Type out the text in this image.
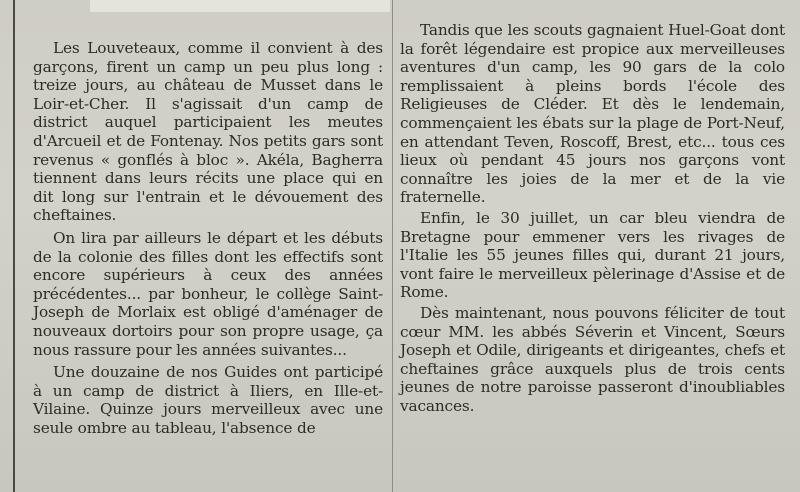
Les Louveteaux, comme il convient à des garçons, firent un camp un peu plus long : treize jours, au château de Musset dans le Loir-et-Cher. Il s'agissait d'un camp de district auquel participaient les meutes d'Arcueil et de Fontenay. Nos petits gars sont revenus « gonflés à bloc ». Akéla, Bagherra tiennent dans leurs récits une place qui en dit long sur l'entrain et le dévouement des cheftaines.

On lira par ailleurs le départ et les débuts de la colonie des filles dont les effectifs sont encore supérieurs à ceux des années précédentes... par bonheur, le collège Saint-Joseph de Morlaix est obligé d'aménager de nouveaux dortoirs pour son propre usage, ça nous rassure pour les années suivantes...

Une douzaine de nos Guides ont participé à un camp de district à Iliers, en Ille-et-Vilaine. Quinze jours merveilleux avec une seule ombre au tableau, l'absence de

Tandis que les scouts gagnaient Huel-Goat dont la forêt légendaire est propice aux merveilleuses aventures d'un camp, les 90 gars de la colo remplissaient à pleins bords l'école des Religieuses de Cléder. Et dès le lendemain, commençaient les ébats sur la plage de Port-Neuf, en attendant Teven, Roscoff, Brest, etc... tous ces lieux où pendant 45 jours nos garçons vont connaître les joies de la mer et de la vie fraternelle.

Enfin, le 30 juillet, un car bleu viendra de Bretagne pour emmener vers les rivages de l'Italie les 55 jeunes filles qui, durant 21 jours, vont faire le merveilleux pèlerinage d'Assise et de Rome.

Dès maintenant, nous pouvons féliciter de tout cœur MM. les abbés Séverin et Vincent, Sœurs Joseph et Odile, dirigeants et dirigeantes, chefs et cheftaines grâce auxquels plus de trois cents jeunes de notre paroisse passeront d'inoubliables vacances.
